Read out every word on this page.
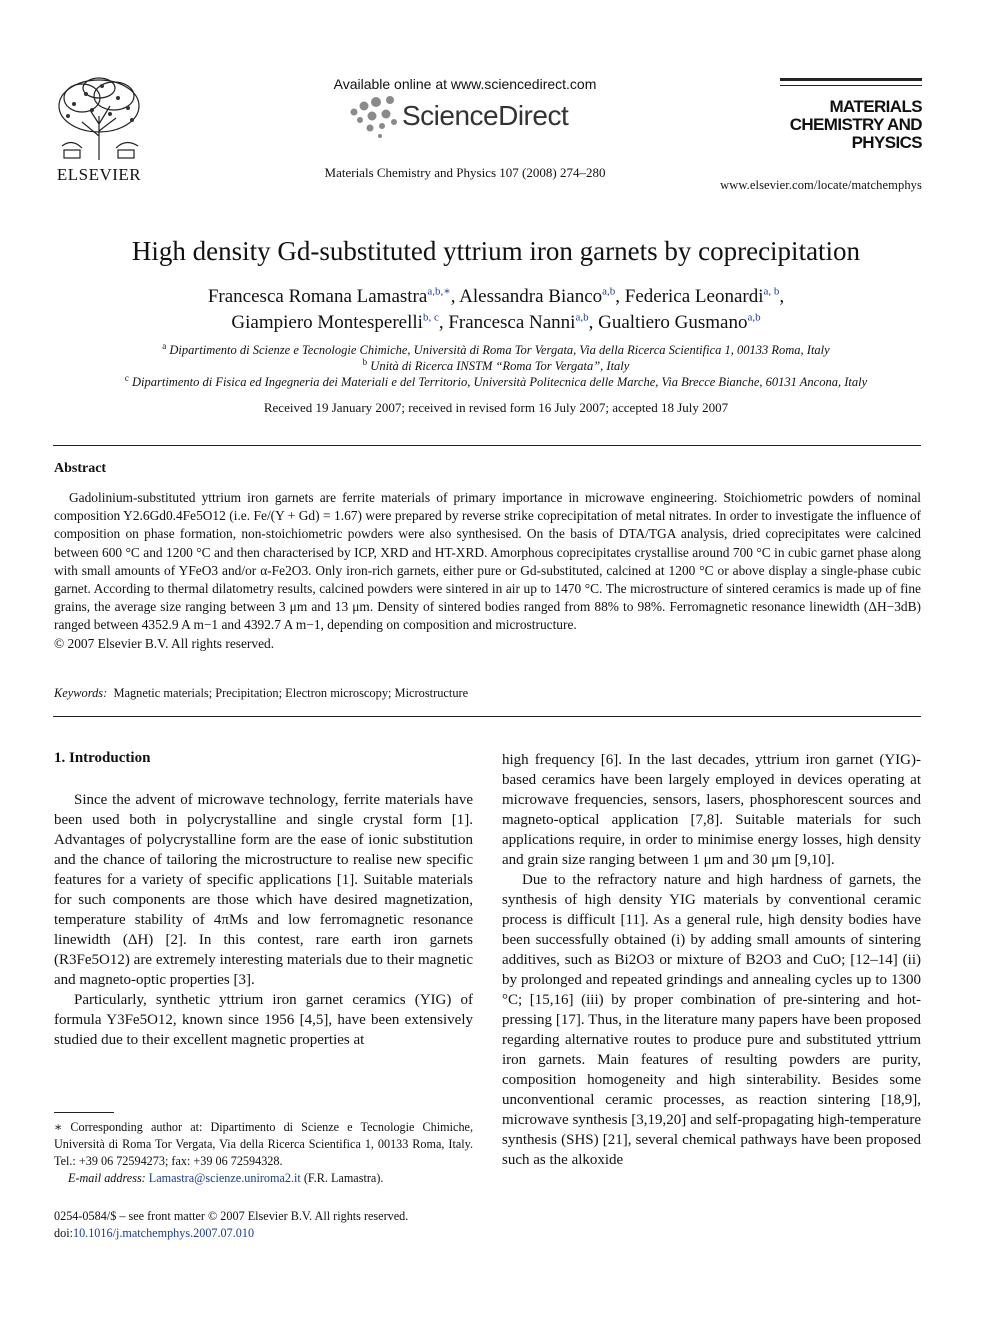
ELSEVIER
Available online at www.sciencedirect.com
ScienceDirect
Materials Chemistry and Physics 107 (2008) 274–280
MATERIALS
CHEMISTRY AND
PHYSICS
www.elsevier.com/locate/matchemphys
High density Gd-substituted yttrium iron garnets by coprecipitation
Francesca Romana Lamastra$^{a,b,∗}$, Alessandra Bianco$^{a,b}$, Federica Leonardi$^{a, b}$,
Giampiero Montesperelli$^{b, c}$, Francesca Nanni$^{a,b}$, Gualtiero Gusmano$^{a,b}$
$^a$ Dipartimento di Scienze e Tecnologie Chimiche, Università di Roma Tor Vergata, Via della Ricerca Scientifica 1, 00133 Roma, Italy
$^b$ Unità di Ricerca INSTM “Roma Tor Vergata”, Italy
$^c$ Dipartimento di Fisica ed Ingegneria dei Materiali e del Territorio, Università Politecnica delle Marche, Via Brecce Bianche, 60131 Ancona, Italy
Received 19 January 2007; received in revised form 16 July 2007; accepted 18 July 2007
Abstract

Gadolinium-substituted yttrium iron garnets are ferrite materials of primary importance in microwave engineering. Stoichiometric powders of nominal composition Y2.6Gd0.4Fe5O12 (i.e. Fe/(Y + Gd) = 1.67) were prepared by reverse strike coprecipitation of metal nitrates. In order to investigate the influence of composition on phase formation, non-stoichiometric powders were also synthesised. On the basis of DTA/TGA analysis, dried coprecipitates were calcined between 600 °C and 1200 °C and then characterised by ICP, XRD and HT-XRD. Amorphous coprecipitates crystallise around 700 °C in cubic garnet phase along with small amounts of YFeO3 and/or α-Fe2O3. Only iron-rich garnets, either pure or Gd-substituted, calcined at 1200 °C or above display a single-phase cubic garnet. According to thermal dilatometry results, calcined powders were sintered in air up to 1470 °C. The microstructure of sintered ceramics is made up of fine grains, the average size ranging between 3 μm and 13 μm. Density of sintered bodies ranged from 88% to 98%. Ferromagnetic resonance linewidth (ΔH−3dB) ranged between 4352.9 A m−1 and 4392.7 A m−1, depending on composition and microstructure.

© 2007 Elsevier B.V. All rights reserved.
Keywords: Magnetic materials; Precipitation; Electron microscopy; Microstructure
1. Introduction

Since the advent of microwave technology, ferrite materials have been used both in polycrystalline and single crystal form [1]. Advantages of polycrystalline form are the ease of ionic substitution and the chance of tailoring the microstructure to realise new specific features for a variety of specific applications [1]. Suitable materials for such components are those which have desired magnetization, temperature stability of 4πMs and low ferromagnetic resonance linewidth (ΔH) [2]. In this contest, rare earth iron garnets (R3Fe5O12) are extremely interesting materials due to their magnetic and magneto-optic properties [3].

Particularly, synthetic yttrium iron garnet ceramics (YIG) of formula Y3Fe5O12, known since 1956 [4,5], have been extensively studied due to their excellent magnetic properties at

high frequency [6]. In the last decades, yttrium iron garnet (YIG)-based ceramics have been largely employed in devices operating at microwave frequencies, sensors, lasers, phosphorescent sources and magneto-optical application [7,8]. Suitable materials for such applications require, in order to minimise energy losses, high density and grain size ranging between 1 μm and 30 μm [9,10].

Due to the refractory nature and high hardness of garnets, the synthesis of high density YIG materials by conventional ceramic process is difficult [11]. As a general rule, high density bodies have been successfully obtained (i) by adding small amounts of sintering additives, such as Bi2O3 or mixture of B2O3 and CuO; [12–14] (ii) by prolonged and repeated grindings and annealing cycles up to 1300 °C; [15,16] (iii) by proper combination of pre-sintering and hot-pressing [17]. Thus, in the literature many papers have been proposed regarding alternative routes to produce pure and substituted yttrium iron garnets. Main features of resulting powders are purity, composition homogeneity and high sinterability. Besides some unconventional ceramic processes, as reaction sintering [18,9], microwave synthesis [3,19,20] and self-propagating high-temperature synthesis (SHS) [21], several chemical pathways have been proposed such as the alkoxide

∗ Corresponding author at: Dipartimento di Scienze e Tecnologie Chimiche, Università di Roma Tor Vergata, Via della Ricerca Scientifica 1, 00133 Roma, Italy. Tel.: +39 06 72594273; fax: +39 06 72594328.

E-mail address: Lamastra@scienze.uniroma2.it (F.R. Lamastra).

0254-0584/$ – see front matter © 2007 Elsevier B.V. All rights reserved.
doi:10.1016/j.matchemphys.2007.07.010
